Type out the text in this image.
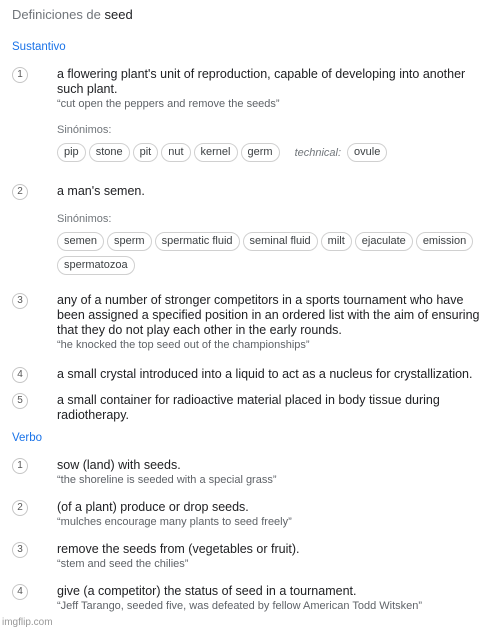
Definiciones de seed
Sustantivo
1	a flowering plant's unit of reproduction, capable of developing into another such plant.
“cut open the peppers and remove the seeds”
Sinónimos:
pip	stone	pit	nut	kernel	germ	technical:	ovule
2	a man's semen.
Sinónimos:
semen	sperm	spermatic fluid	seminal fluid	milt	ejaculate	emission
spermatozoa
3	any of a number of stronger competitors in a sports tournament who have been assigned a specified position in an ordered list with the aim of ensuring that they do not play each other in the early rounds.
“he knocked the top seed out of the championships”
4	a small crystal introduced into a liquid to act as a nucleus for crystallization.
5	a small container for radioactive material placed in body tissue during radiotherapy.
Verbo
1	sow (land) with seeds.
“the shoreline is seeded with a special grass”
2	(of a plant) produce or drop seeds.
“mulches encourage many plants to seed freely”
3	remove the seeds from (vegetables or fruit).
“stem and seed the chilies”
4	give (a competitor) the status of seed in a tournament.
“Jeff Tarango, seeded five, was defeated by fellow American Todd Witsken”
imgflip.com
